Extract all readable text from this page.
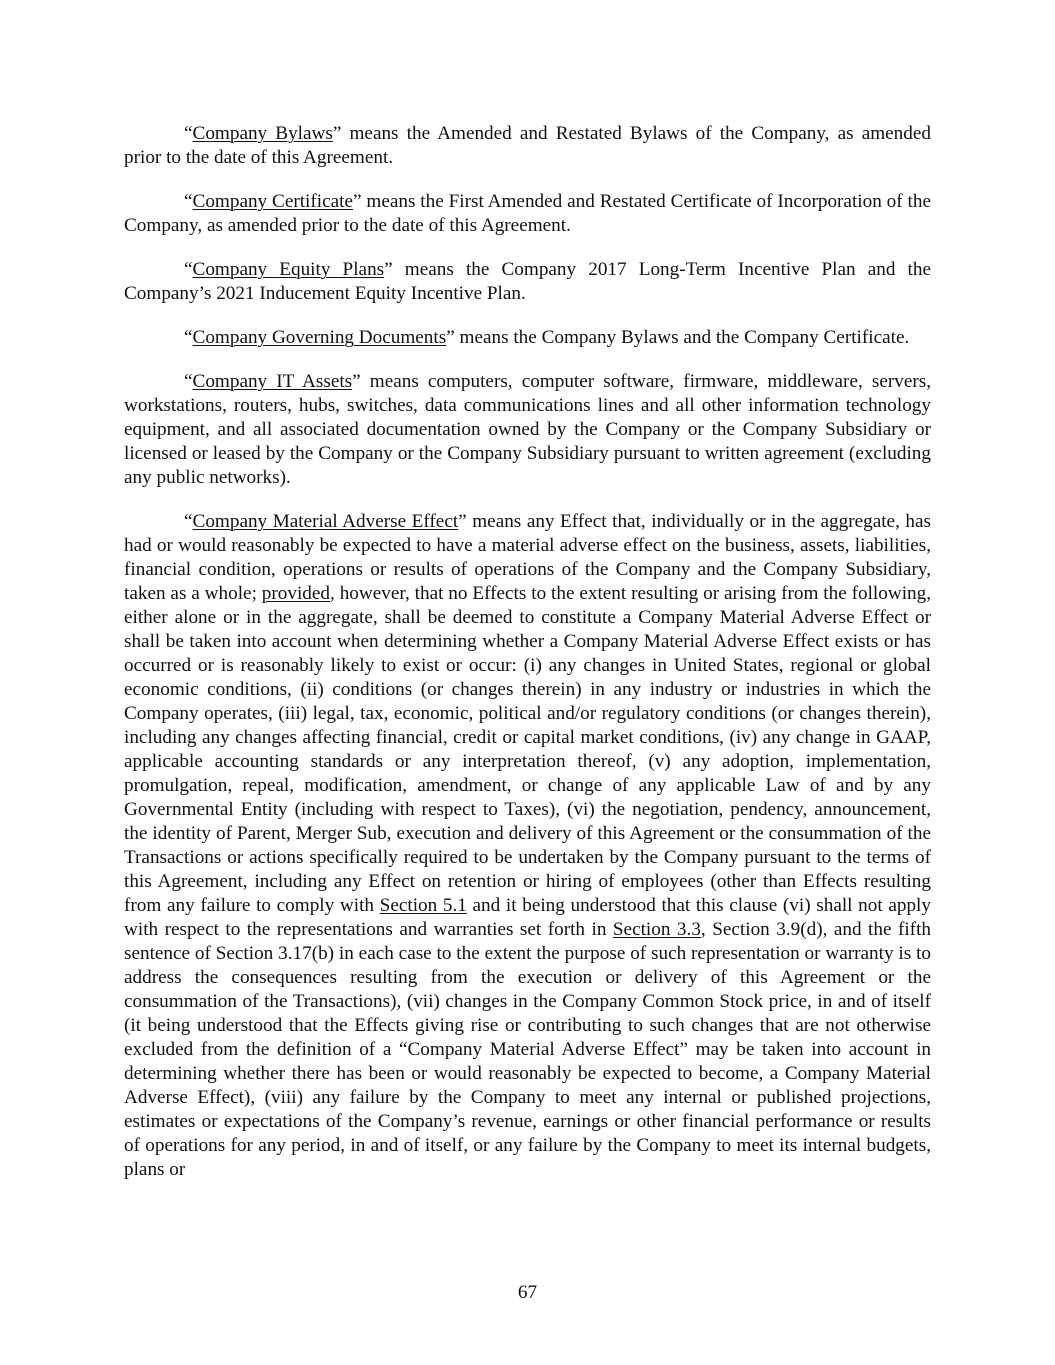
“Company Bylaws” means the Amended and Restated Bylaws of the Company, as amended prior to the date of this Agreement.

“Company Certificate” means the First Amended and Restated Certificate of Incorporation of the Company, as amended prior to the date of this Agreement.

“Company Equity Plans” means the Company 2017 Long-Term Incentive Plan and the Company’s 2021 Inducement Equity Incentive Plan.

“Company Governing Documents” means the Company Bylaws and the Company Certificate.

“Company IT Assets” means computers, computer software, firmware, middleware, servers, workstations, routers, hubs, switches, data communications lines and all other information technology equipment, and all associated documentation owned by the Company or the Company Subsidiary or licensed or leased by the Company or the Company Subsidiary pursuant to written agreement (excluding any public networks).

“Company Material Adverse Effect” means any Effect that, individually or in the aggregate, has had or would reasonably be expected to have a material adverse effect on the business, assets, liabilities, financial condition, operations or results of operations of the Company and the Company Subsidiary, taken as a whole; provided, however, that no Effects to the extent resulting or arising from the following, either alone or in the aggregate, shall be deemed to constitute a Company Material Adverse Effect or shall be taken into account when determining whether a Company Material Adverse Effect exists or has occurred or is reasonably likely to exist or occur: (i) any changes in United States, regional or global economic conditions, (ii) conditions (or changes therein) in any industry or industries in which the Company operates, (iii) legal, tax, economic, political and/or regulatory conditions (or changes therein), including any changes affecting financial, credit or capital market conditions, (iv) any change in GAAP, applicable accounting standards or any interpretation thereof, (v) any adoption, implementation, promulgation, repeal, modification, amendment, or change of any applicable Law of and by any Governmental Entity (including with respect to Taxes), (vi) the negotiation, pendency, announcement, the identity of Parent, Merger Sub, execution and delivery of this Agreement or the consummation of the Transactions or actions specifically required to be undertaken by the Company pursuant to the terms of this Agreement, including any Effect on retention or hiring of employees (other than Effects resulting from any failure to comply with Section 5.1 and it being understood that this clause (vi) shall not apply with respect to the representations and warranties set forth in Section 3.3, Section 3.9(d), and the fifth sentence of Section 3.17(b) in each case to the extent the purpose of such representation or warranty is to address the consequences resulting from the execution or delivery of this Agreement or the consummation of the Transactions), (vii) changes in the Company Common Stock price, in and of itself (it being understood that the Effects giving rise or contributing to such changes that are not otherwise excluded from the definition of a “Company Material Adverse Effect” may be taken into account in determining whether there has been or would reasonably be expected to become, a Company Material Adverse Effect), (viii) any failure by the Company to meet any internal or published projections, estimates or expectations of the Company’s revenue, earnings or other financial performance or results of operations for any period, in and of itself, or any failure by the Company to meet its internal budgets, plans or

67
